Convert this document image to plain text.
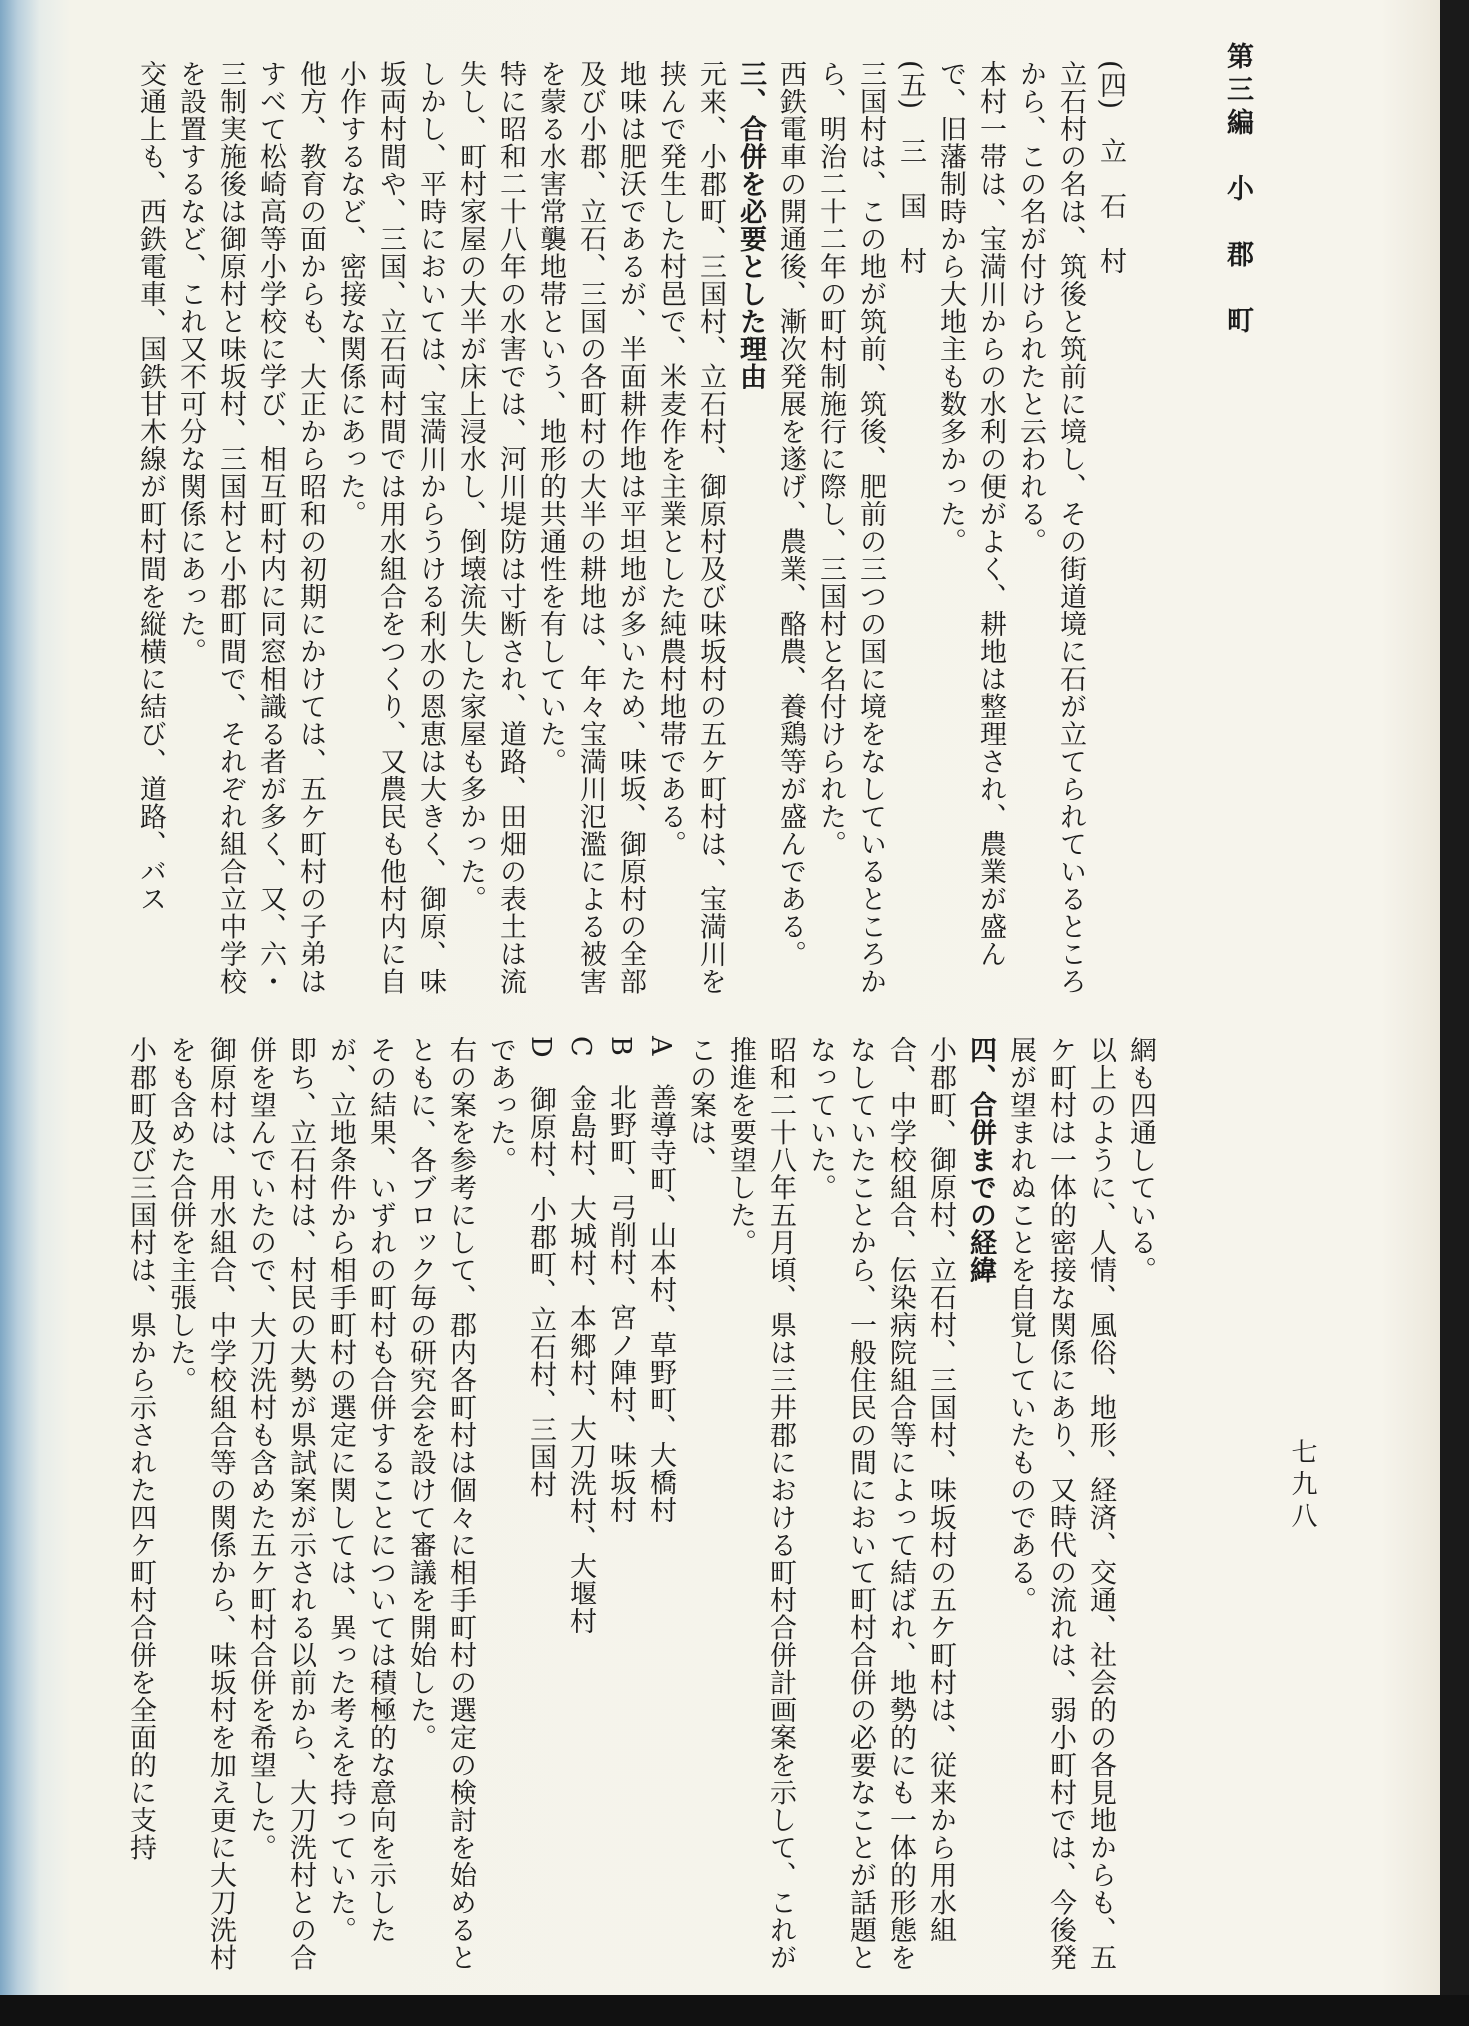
第三編　小　郡　町
七九八

(四)　立　石　村
立石村の名は、筑後と筑前に境し、その街道境に石が立てられているところから、この名が付けられたと云われる。
本村一帯は、宝満川からの水利の便がよく、耕地は整理され、農業が盛んで、旧藩制時から大地主も数多かった。
(五)　三　国　村
三国村は、この地が筑前、筑後、肥前の三つの国に境をなしているところから、明治二十二年の町村制施行に際し、三国村と名付けられた。
西鉄電車の開通後、漸次発展を遂げ、農業、酪農、養鶏等が盛んである。
三、合併を必要とした理由
元来、小郡町、三国村、立石村、御原村及び味坂村の五ケ町村は、宝満川を挟んで発生した村邑で、米麦作を主業とした純農村地帯である。
地味は肥沃であるが、半面耕作地は平坦地が多いため、味坂、御原村の全部及び小郡、立石、三国の各町村の大半の耕地は、年々宝満川氾濫による被害を蒙る水害常襲地帯という、地形的共通性を有していた。
特に昭和二十八年の水害では、河川堤防は寸断され、道路、田畑の表土は流失し、町村家屋の大半が床上浸水し、倒壊流失した家屋も多かった。
しかし、平時においては、宝満川からうける利水の恩恵は大きく、御原、味坂両村間や、三国、立石両村間では用水組合をつくり、又農民も他村内に自小作するなど、密接な関係にあった。
他方、教育の面からも、大正から昭和の初期にかけては、五ケ町村の子弟はすべて松崎高等小学校に学び、相互町村内に同窓相識る者が多く、又、六・三制実施後は御原村と味坂村、三国村と小郡町間で、それぞれ組合立中学校を設置するなど、これ又不可分な関係にあった。
交通上も、西鉄電車、国鉄甘木線が町村間を縦横に結び、道路、バス

網も四通している。
以上のように、人情、風俗、地形、経済、交通、社会的の各見地からも、五ケ町村は一体的密接な関係にあり、又時代の流れは、弱小町村では、今後発展が望まれぬことを自覚していたものである。
四、合併までの経緯
小郡町、御原村、立石村、三国村、味坂村の五ケ町村は、従来から用水組合、中学校組合、伝染病院組合等によって結ばれ、地勢的にも一体的形態をなしていたことから、一般住民の間において町村合併の必要なことが話題となっていた。
昭和二十八年五月頃、県は三井郡における町村合併計画案を示して、これが推進を要望した。
この案は、
A　善導寺町、山本村、草野町、大橋村
B　北野町、弓削村、宮ノ陣村、味坂村
C　金島村、大城村、本郷村、大刀洗村、大堰村
D　御原村、小郡町、立石村、三国村
であった。
右の案を参考にして、郡内各町村は個々に相手町村の選定の検討を始めるとともに、各ブロック毎の研究会を設けて審議を開始した。
その結果、いずれの町村も合併することについては積極的な意向を示したが、立地条件から相手町村の選定に関しては、異った考えを持っていた。
即ち、立石村は、村民の大勢が県試案が示される以前から、大刀洗村との合併を望んでいたので、大刀洗村も含めた五ケ町村合併を希望した。
御原村は、用水組合、中学校組合等の関係から、味坂村を加え更に大刀洗村をも含めた合併を主張した。
小郡町及び三国村は、県から示された四ケ町村合併を全面的に支持
